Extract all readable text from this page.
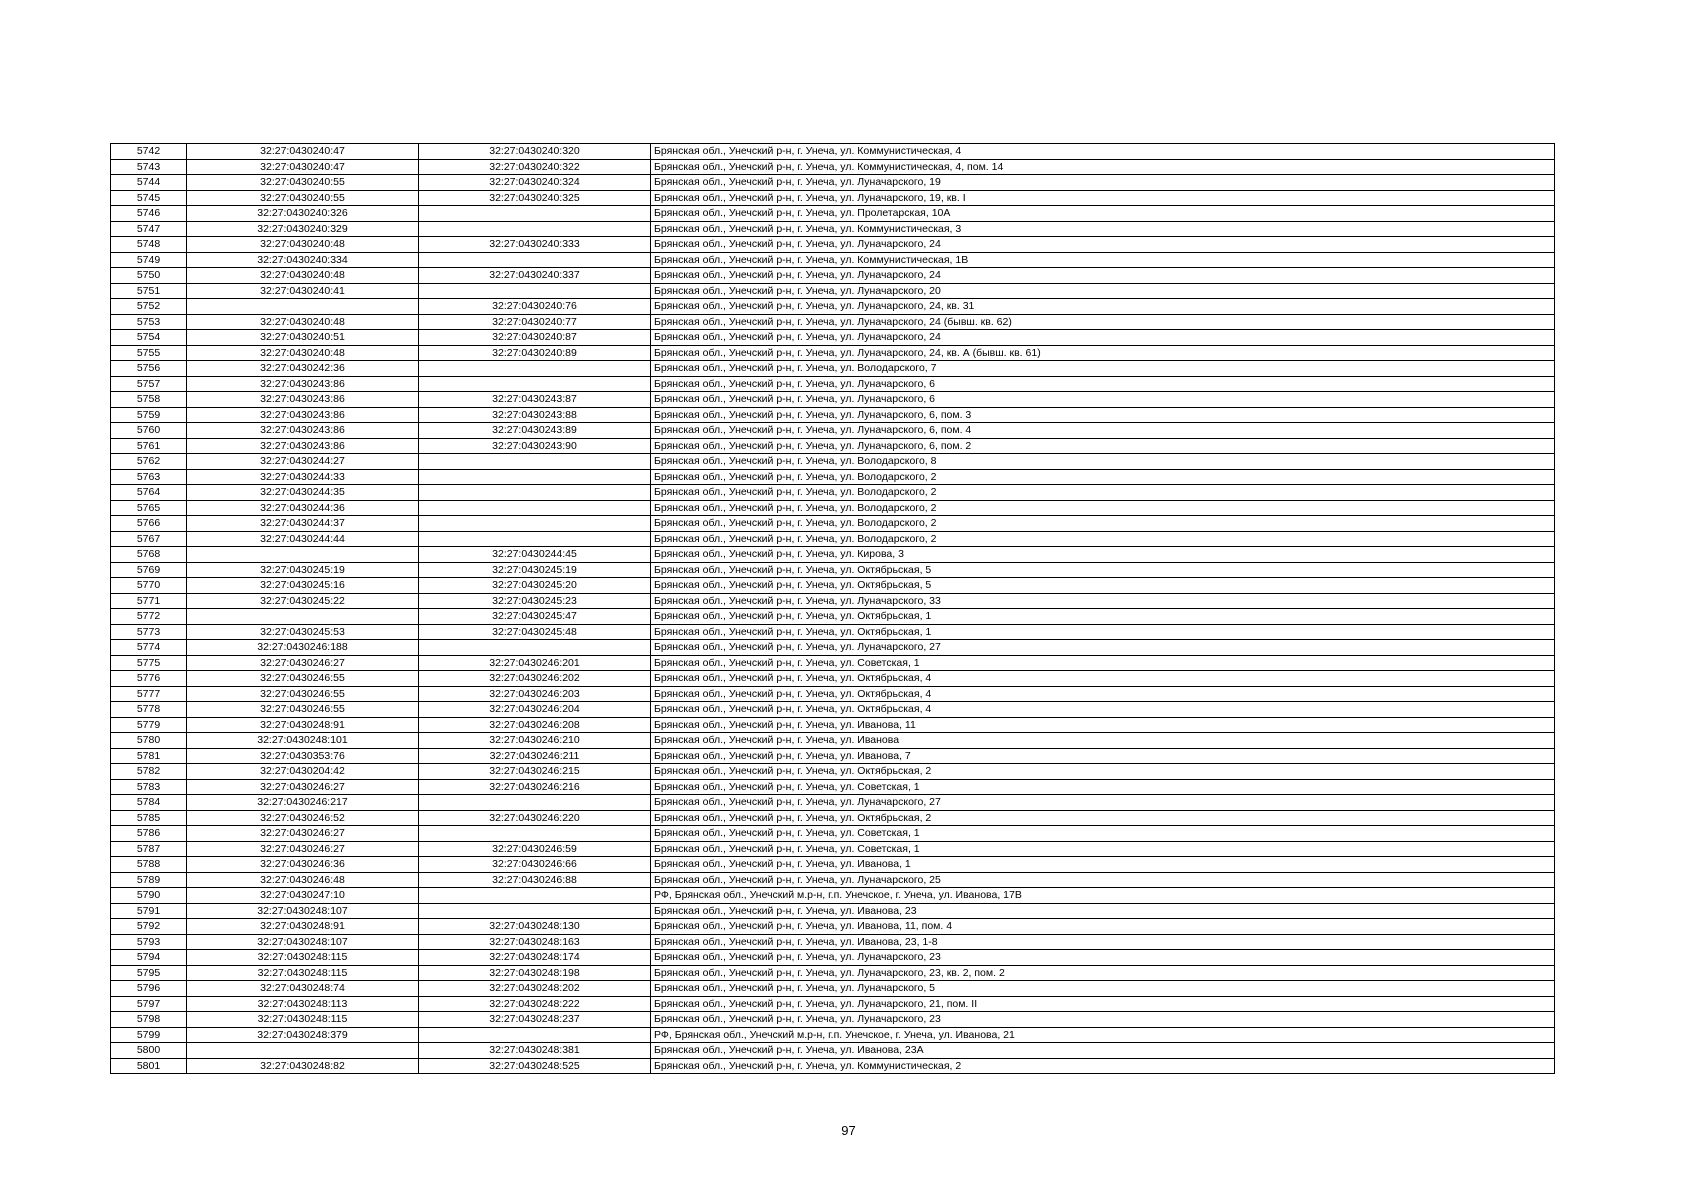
5742	32:27:0430240:47	32:27:0430240:320	Брянская обл., Унечский р-н, г. Унеча, ул. Коммунистическая, 4
5743	32:27:0430240:47	32:27:0430240:322	Брянская обл., Унечский р-н, г. Унеча, ул. Коммунистическая, 4, пом. 14
5744	32:27:0430240:55	32:27:0430240:324	Брянская обл., Унечский р-н, г. Унеча, ул. Луначарского, 19
5745	32:27:0430240:55	32:27:0430240:325	Брянская обл., Унечский р-н, г. Унеча, ул. Луначарского, 19, кв. I
5746	32:27:0430240:326		Брянская обл., Унечский р-н, г. Унеча, ул. Пролетарская, 10А
5747	32:27:0430240:329		Брянская обл., Унечский р-н, г. Унеча, ул. Коммунистическая, 3
5748	32:27:0430240:48	32:27:0430240:333	Брянская обл., Унечский р-н, г. Унеча, ул. Луначарского, 24
5749	32:27:0430240:334		Брянская обл., Унечский р-н, г. Унеча, ул. Коммунистическая, 1В
5750	32:27:0430240:48	32:27:0430240:337	Брянская обл., Унечский р-н, г. Унеча, ул. Луначарского, 24
5751	32:27:0430240:41		Брянская обл., Унечский р-н, г. Унеча, ул. Луначарского, 20
5752		32:27:0430240:76	Брянская обл., Унечский р-н, г. Унеча, ул. Луначарского, 24, кв. 31
5753	32:27:0430240:48	32:27:0430240:77	Брянская обл., Унечский р-н, г. Унеча, ул. Луначарского, 24 (бывш. кв. 62)
5754	32:27:0430240:51	32:27:0430240:87	Брянская обл., Унечский р-н, г. Унеча, ул. Луначарского, 24
5755	32:27:0430240:48	32:27:0430240:89	Брянская обл., Унечский р-н, г. Унеча, ул. Луначарского, 24, кв. А (бывш. кв. 61)
5756	32:27:0430242:36		Брянская обл., Унечский р-н, г. Унеча, ул. Володарского, 7
5757	32:27:0430243:86		Брянская обл., Унечский р-н, г. Унеча, ул. Луначарского, 6
5758	32:27:0430243:86	32:27:0430243:87	Брянская обл., Унечский р-н, г. Унеча, ул. Луначарского, 6
5759	32:27:0430243:86	32:27:0430243:88	Брянская обл., Унечский р-н, г. Унеча, ул. Луначарского, 6, пом. 3
5760	32:27:0430243:86	32:27:0430243:89	Брянская обл., Унечский р-н, г. Унеча, ул. Луначарского, 6, пом. 4
5761	32:27:0430243:86	32:27:0430243:90	Брянская обл., Унечский р-н, г. Унеча, ул. Луначарского, 6, пом. 2
5762	32:27:0430244:27		Брянская обл., Унечский р-н, г. Унеча, ул. Володарского, 8
5763	32:27:0430244:33		Брянская обл., Унечский р-н, г. Унеча, ул. Володарского, 2
5764	32:27:0430244:35		Брянская обл., Унечский р-н, г. Унеча, ул. Володарского, 2
5765	32:27:0430244:36		Брянская обл., Унечский р-н, г. Унеча, ул. Володарского, 2
5766	32:27:0430244:37		Брянская обл., Унечский р-н, г. Унеча, ул. Володарского, 2
5767	32:27:0430244:44		Брянская обл., Унечский р-н, г. Унеча, ул. Володарского, 2
5768		32:27:0430244:45	Брянская обл., Унечский р-н, г. Унеча, ул. Кирова, 3
5769	32:27:0430245:19	32:27:0430245:19	Брянская обл., Унечский р-н, г. Унеча, ул. Октябрьская, 5
5770	32:27:0430245:16	32:27:0430245:20	Брянская обл., Унечский р-н, г. Унеча, ул. Октябрьская, 5
5771	32:27:0430245:22	32:27:0430245:23	Брянская обл., Унечский р-н, г. Унеча, ул. Луначарского, 33
5772		32:27:0430245:47	Брянская обл., Унечский р-н, г. Унеча, ул. Октябрьская, 1
5773	32:27:0430245:53	32:27:0430245:48	Брянская обл., Унечский р-н, г. Унеча, ул. Октябрьская, 1
5774	32:27:0430246:188		Брянская обл., Унечский р-н, г. Унеча, ул. Луначарского, 27
5775	32:27:0430246:27	32:27:0430246:201	Брянская обл., Унечский р-н, г. Унеча, ул. Советская, 1
5776	32:27:0430246:55	32:27:0430246:202	Брянская обл., Унечский р-н, г. Унеча, ул. Октябрьская, 4
5777	32:27:0430246:55	32:27:0430246:203	Брянская обл., Унечский р-н, г. Унеча, ул. Октябрьская, 4
5778	32:27:0430246:55	32:27:0430246:204	Брянская обл., Унечский р-н, г. Унеча, ул. Октябрьская, 4
5779	32:27:0430248:91	32:27:0430246:208	Брянская обл., Унечский р-н, г. Унеча, ул. Иванова, 11
5780	32:27:0430248:101	32:27:0430246:210	Брянская обл., Унечский р-н, г. Унеча, ул. Иванова
5781	32:27:0430353:76	32:27:0430246:211	Брянская обл., Унечский р-н, г. Унеча, ул. Иванова, 7
5782	32:27:0430204:42	32:27:0430246:215	Брянская обл., Унечский р-н, г. Унеча, ул. Октябрьская, 2
5783	32:27:0430246:27	32:27:0430246:216	Брянская обл., Унечский р-н, г. Унеча, ул. Советская, 1
5784	32:27:0430246:217		Брянская обл., Унечский р-н, г. Унеча, ул. Луначарского, 27
5785	32:27:0430246:52	32:27:0430246:220	Брянская обл., Унечский р-н, г. Унеча, ул. Октябрьская, 2
5786	32:27:0430246:27		Брянская обл., Унечский р-н, г. Унеча, ул. Советская, 1
5787	32:27:0430246:27	32:27:0430246:59	Брянская обл., Унечский р-н, г. Унеча, ул. Советская, 1
5788	32:27:0430246:36	32:27:0430246:66	Брянская обл., Унечский р-н, г. Унеча, ул. Иванова, 1
5789	32:27:0430246:48	32:27:0430246:88	Брянская обл., Унечский р-н, г. Унеча, ул. Луначарского, 25
5790	32:27:0430247:10		РФ, Брянская обл., Унечский м.р-н, г.п. Унечское, г. Унеча, ул. Иванова, 17В
5791	32:27:0430248:107		Брянская обл., Унечский р-н, г. Унеча, ул. Иванова, 23
5792	32:27:0430248:91	32:27:0430248:130	Брянская обл., Унечский р-н, г. Унеча, ул. Иванова, 11, пом. 4
5793	32:27:0430248:107	32:27:0430248:163	Брянская обл., Унечский р-н, г. Унеча, ул. Иванова, 23, 1-8
5794	32:27:0430248:115	32:27:0430248:174	Брянская обл., Унечский р-н, г. Унеча, ул. Луначарского, 23
5795	32:27:0430248:115	32:27:0430248:198	Брянская обл., Унечский р-н, г. Унеча, ул. Луначарского, 23, кв. 2, пом. 2
5796	32:27:0430248:74	32:27:0430248:202	Брянская обл., Унечский р-н, г. Унеча, ул. Луначарского, 5
5797	32:27:0430248:113	32:27:0430248:222	Брянская обл., Унечский р-н, г. Унеча, ул. Луначарского, 21, пом. II
5798	32:27:0430248:115	32:27:0430248:237	Брянская обл., Унечский р-н, г. Унеча, ул. Луначарского, 23
5799	32:27:0430248:379		РФ, Брянская обл., Унечский м.р-н, г.п. Унечское, г. Унеча, ул. Иванова, 21
5800		32:27:0430248:381	Брянская обл., Унечский р-н, г. Унеча, ул. Иванова, 23А
5801	32:27:0430248:82	32:27:0430248:525	Брянская обл., Унечский р-н, г. Унеча, ул. Коммунистическая, 2
97
